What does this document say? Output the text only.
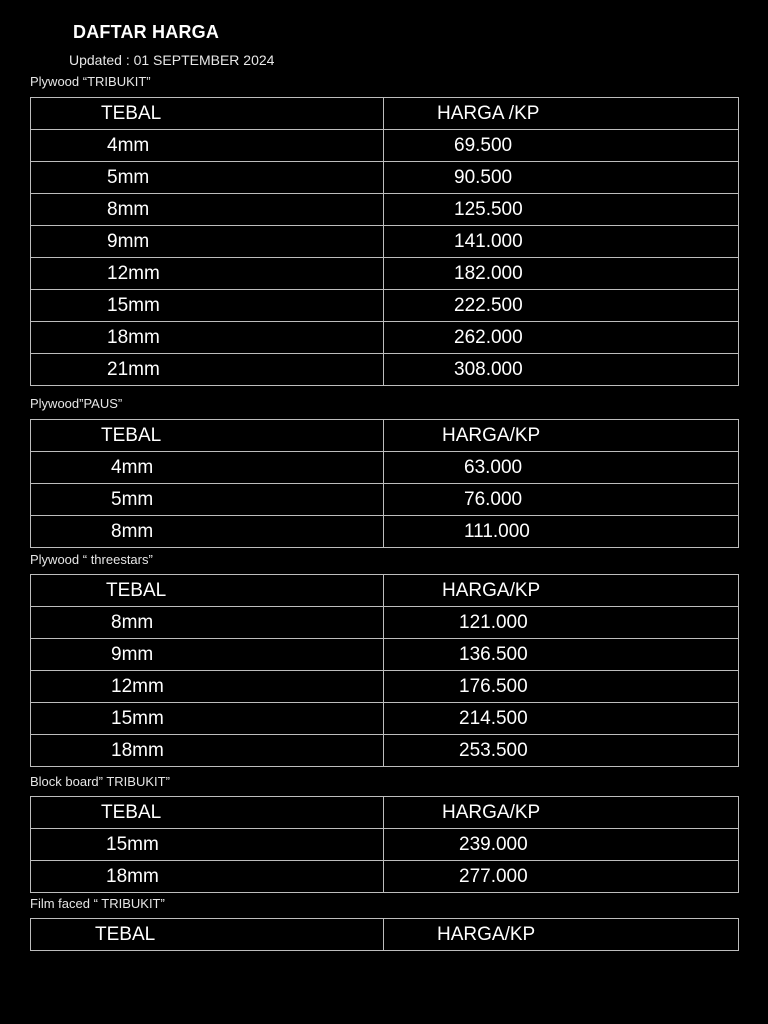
DAFTAR HARGA
Updated : 01 SEPTEMBER 2024
Plywood “TRIBUKIT”
TEBAL	HARGA /KP
4mm	69.500
5mm	90.500
8mm	125.500
9mm	141.000
12mm	182.000
15mm	222.500
18mm	262.000
21mm	308.000
Plywood”PAUS”
TEBAL	HARGA/KP
4mm	63.000
5mm	76.000
8mm	111.000
Plywood “ threestars”
TEBAL	HARGA/KP
8mm	121.000
9mm	136.500
12mm	176.500
15mm	214.500
18mm	253.500
Block board” TRIBUKIT”
TEBAL	HARGA/KP
15mm	239.000
18mm	277.000
Film faced “ TRIBUKIT”
TEBAL	HARGA/KP
